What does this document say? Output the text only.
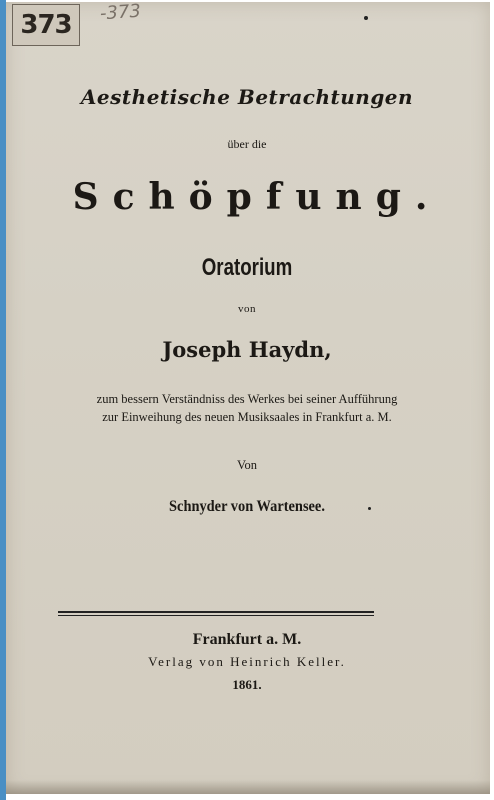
373	-373
Aesthetische Betrachtungen
über die
Schöpfung.
Oratorium
von
Joseph Haydn,
zum bessern Verständniss des Werkes bei seiner Aufführung
zur Einweihung des neuen Musiksaales in Frankfurt a. M.
Von
Schnyder von Wartensee.
Frankfurt a. M.
Verlag von Heinrich Keller.
1861.
